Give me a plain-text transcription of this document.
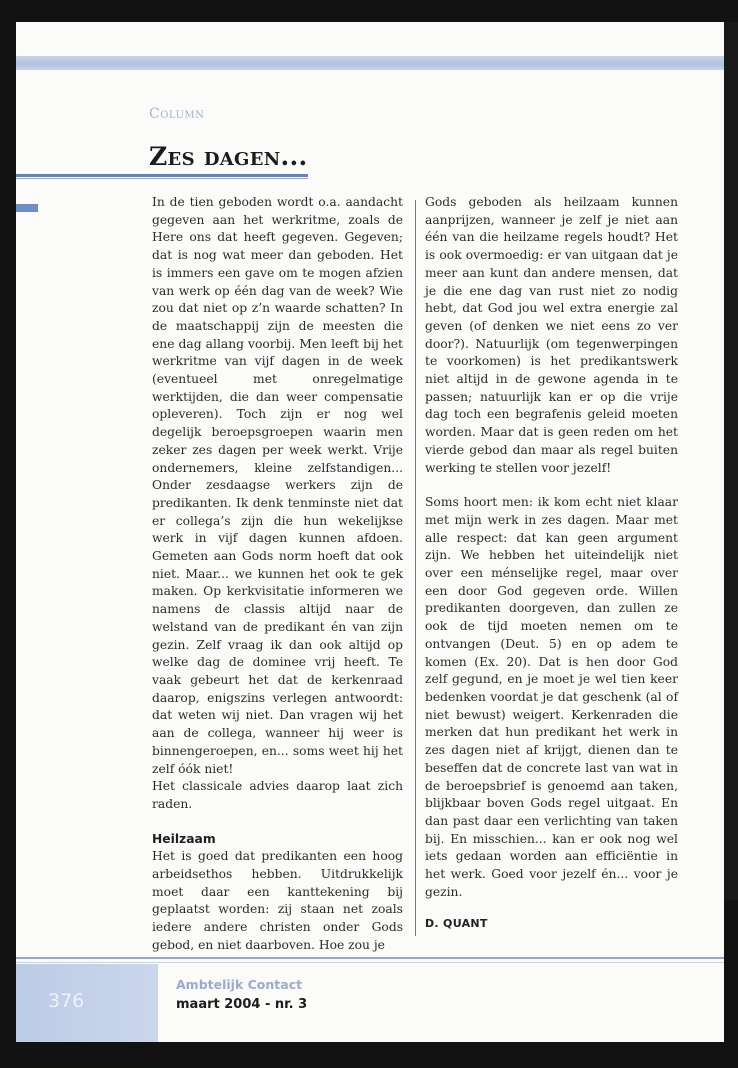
Column
Zes dagen...

In de tien geboden wordt o.a. aandacht gegeven aan het werkritme, zoals de Here ons dat heeft gegeven. Gegeven; dat is nog wat meer dan geboden. Het is immers een gave om te mogen afzien van werk op één dag van de week? Wie zou dat niet op z’n waarde schatten? In de maatschappij zijn de meesten die ene dag allang voorbij. Men leeft bij het werkritme van vijf dagen in de week (eventueel met onregelmatige werktijden, die dan weer compensatie opleveren). Toch zijn er nog wel degelijk beroepsgroepen waarin men zeker zes dagen per week werkt. Vrije ondernemers, kleine zelfstandigen... Onder zesdaagse werkers zijn de predikanten. Ik denk tenminste niet dat er collega’s zijn die hun wekelijkse werk in vijf dagen kunnen afdoen. Gemeten aan Gods norm hoeft dat ook niet. Maar... we kunnen het ook te gek maken. Op kerkvisitatie informeren we namens de classis altijd naar de welstand van de predikant én van zijn gezin. Zelf vraag ik dan ook altijd op welke dag de dominee vrij heeft. Te vaak gebeurt het dat de kerkenraad daarop, enigszins verlegen antwoordt: dat weten wij niet. Dan vragen wij het aan de collega, wanneer hij weer is binnengeroepen, en... soms weet hij het zelf óók niet!

Het classicale advies daarop laat zich raden.

Heilzaam

Het is goed dat predikanten een hoog arbeidsethos hebben. Uitdrukkelijk moet daar een kanttekening bij geplaatst worden: zij staan net zoals iedere andere christen onder Gods gebod, en niet daarboven. Hoe zou je

Gods geboden als heilzaam kunnen aanprijzen, wanneer je zelf je niet aan één van die heilzame regels houdt? Het is ook overmoedig: er van uitgaan dat je meer aan kunt dan andere mensen, dat je die ene dag van rust niet zo nodig hebt, dat God jou wel extra energie zal geven (of denken we niet eens zo ver door?). Natuurlijk (om tegenwerpingen te voorkomen) is het predikantswerk niet altijd in de gewone agenda in te passen; natuurlijk kan er op die vrije dag toch een begrafenis geleid moeten worden. Maar dat is geen reden om het vierde gebod dan maar als regel buiten werking te stellen voor jezelf!

Soms hoort men: ik kom echt niet klaar met mijn werk in zes dagen. Maar met alle respect: dat kan geen argument zijn. We hebben het uiteindelijk niet over een ménselijke regel, maar over een door God gegeven orde. Willen predikanten doorgeven, dan zullen ze ook de tijd moeten nemen om te ontvangen (Deut. 5) en op adem te komen (Ex. 20). Dat is hen door God zelf gegund, en je moet je wel tien keer bedenken voordat je dat geschenk (al of niet bewust) weigert. Kerkenraden die merken dat hun predikant het werk in zes dagen niet af krijgt, dienen dan te beseffen dat de concrete last van wat in de beroepsbrief is genoemd aan taken, blijkbaar boven Gods regel uitgaat. En dan past daar een verlichting van taken bij. En misschien... kan er ook nog wel iets gedaan worden aan efficiëntie in het werk. Goed voor jezelf én... voor je gezin.

D. QUANT
376
Ambtelijk Contact
maart 2004 - nr. 3
